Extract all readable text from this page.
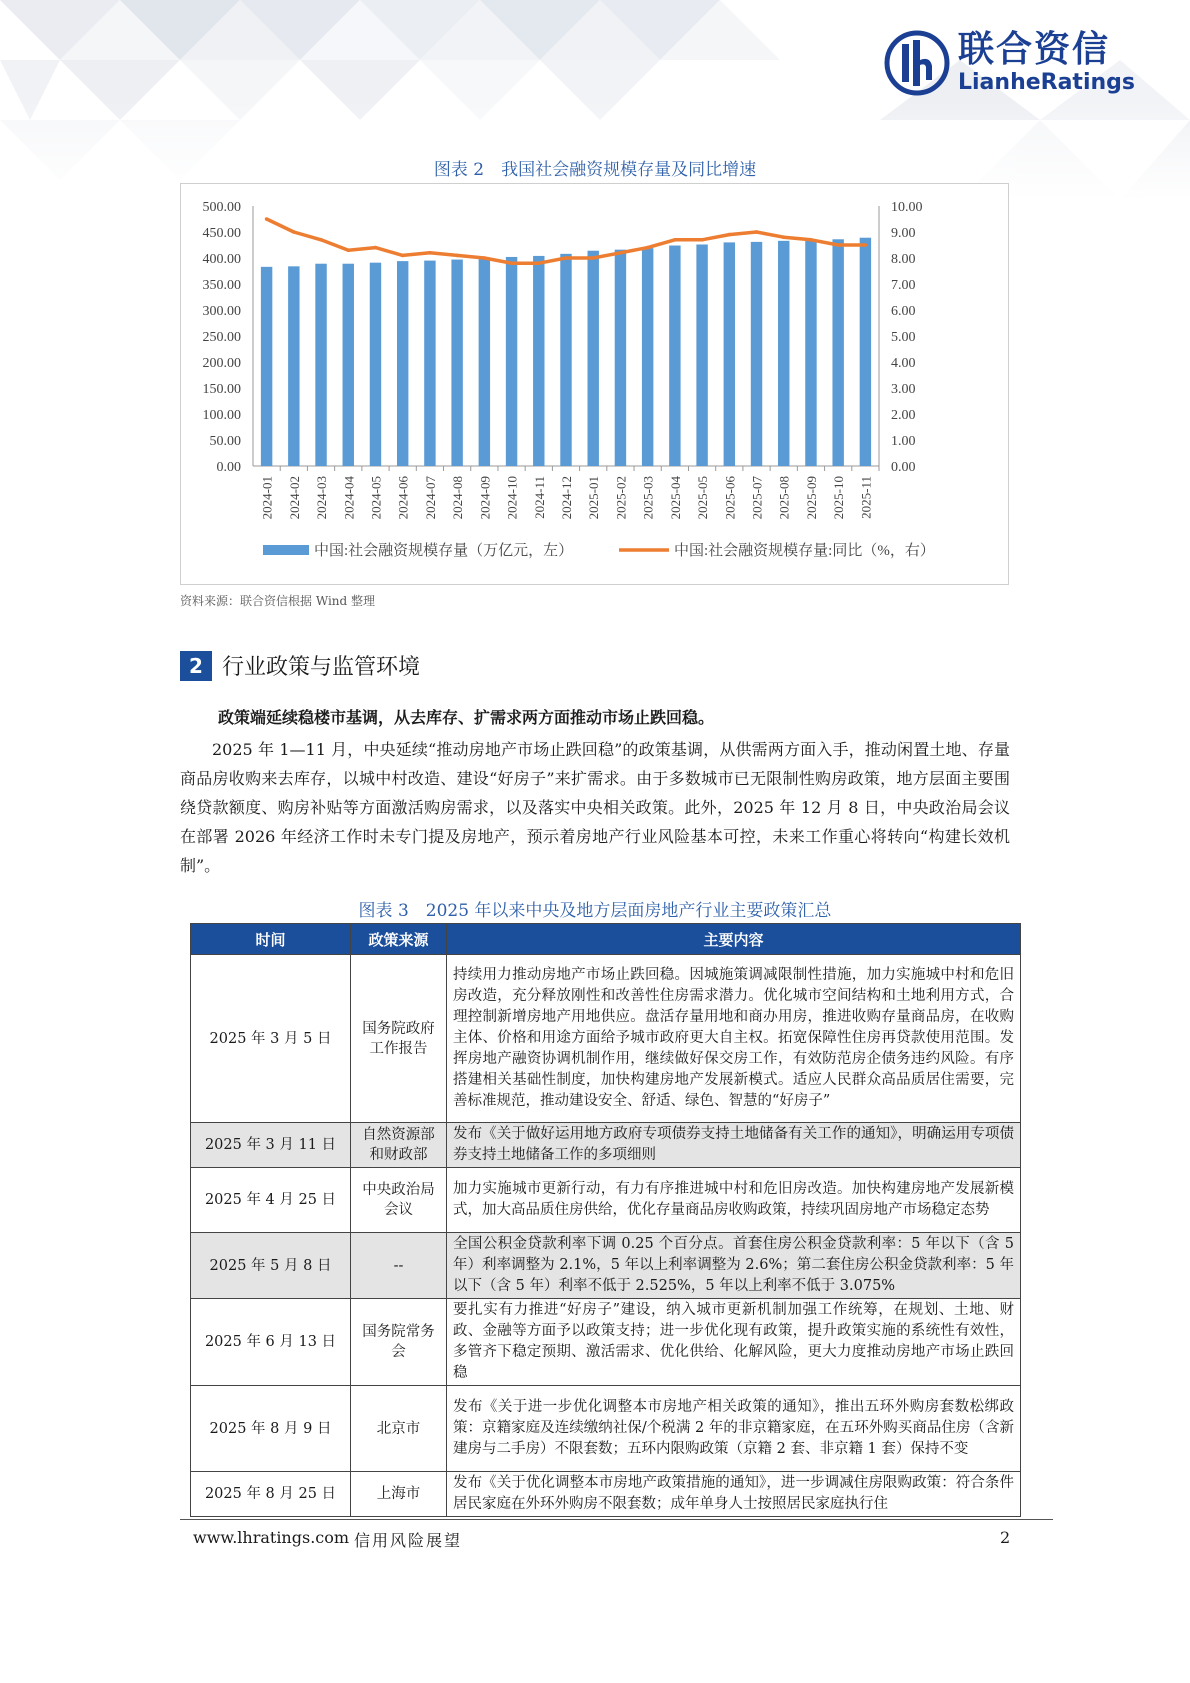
联合资信
LianheRatings
图表 2　我国社会融资规模存量及同比增速
0.00
50.00
100.00
150.00
200.00
250.00
300.00
350.00
400.00
450.00
500.00
0.00
1.00
2.00
3.00
4.00
5.00
6.00
7.00
8.00
9.00
10.00
2024-01 2024-02 2024-03 2024-04 2024-05 2024-06 2024-07 2024-08 2024-09 2024-10 2024-11 2024-12 2025-01 2025-02 2025-03 2025-04 2025-05 2025-06 2025-07 2025-08 2025-09 2025-10 2025-11
中国:社会融资规模存量（万亿元，左）	中国:社会融资规模存量:同比（%，右）
资料来源：联合资信根据 Wind 整理
2 行业政策与监管环境
政策端延续稳楼市基调，从去库存、扩需求两方面推动市场止跌回稳。
2025 年 1—11 月，中央延续“推动房地产市场止跌回稳”的政策基调，从供需两方面入手，推动闲置土地、存量商品房收购来去库存，以城中村改造、建设“好房子”来扩需求。由于多数城市已无限制性购房政策，地方层面主要围绕贷款额度、购房补贴等方面激活购房需求，以及落实中央相关政策。此外，2025 年 12 月 8 日，中央政治局会议在部署 2026 年经济工作时未专门提及房地产，预示着房地产行业风险基本可控，未来工作重心将转向“构建长效机制”。
图表 3　2025 年以来中央及地方层面房地产行业主要政策汇总
时间	政策来源	主要内容
2025 年 3 月 5 日	国务院政府工作报告	持续用力推动房地产市场止跌回稳。因城施策调减限制性措施，加力实施城中村和危旧房改造，充分释放刚性和改善性住房需求潜力。优化城市空间结构和土地利用方式，合理控制新增房地产用地供应。盘活存量用地和商办用房，推进收购存量商品房，在收购主体、价格和用途方面给予城市政府更大自主权。拓宽保障性住房再贷款使用范围。发挥房地产融资协调机制作用，继续做好保交房工作，有效防范房企债务违约风险。有序搭建相关基础性制度，加快构建房地产发展新模式。适应人民群众高品质居住需要，完善标准规范，推动建设安全、舒适、绿色、智慧的“好房子”
2025 年 3 月 11 日	自然资源部和财政部	发布《关于做好运用地方政府专项债券支持土地储备有关工作的通知》，明确运用专项债券支持土地储备工作的多项细则
2025 年 4 月 25 日	中央政治局会议	加力实施城市更新行动，有力有序推进城中村和危旧房改造。加快构建房地产发展新模式，加大高品质住房供给，优化存量商品房收购政策，持续巩固房地产市场稳定态势
2025 年 5 月 8 日	--	全国公积金贷款利率下调 0.25 个百分点。首套住房公积金贷款利率：5 年以下（含 5 年）利率调整为 2.1%，5 年以上利率调整为 2.6%；第二套住房公积金贷款利率：5 年以下（含 5 年）利率不低于 2.525%，5 年以上利率不低于 3.075%
2025 年 6 月 13 日	国务院常务会	要扎实有力推进“好房子”建设，纳入城市更新机制加强工作统筹，在规划、土地、财政、金融等方面予以政策支持；进一步优化现有政策，提升政策实施的系统性有效性，多管齐下稳定预期、激活需求、优化供给、化解风险，更大力度推动房地产市场止跌回稳
2025 年 8 月 9 日	北京市	发布《关于进一步优化调整本市房地产相关政策的通知》，推出五环外购房套数松绑政策：京籍家庭及连续缴纳社保/个税满 2 年的非京籍家庭，在五环外购买商品住房（含新建房与二手房）不限套数；五环内限购政策（京籍 2 套、非京籍 1 套）保持不变
2025 年 8 月 25 日	上海市	发布《关于优化调整本市房地产政策措施的通知》，进一步调减住房限购政策：符合条件居民家庭在外环外购房不限套数；成年单身人士按照居民家庭执行住
www.lhratings.com 信用风险展望	2
